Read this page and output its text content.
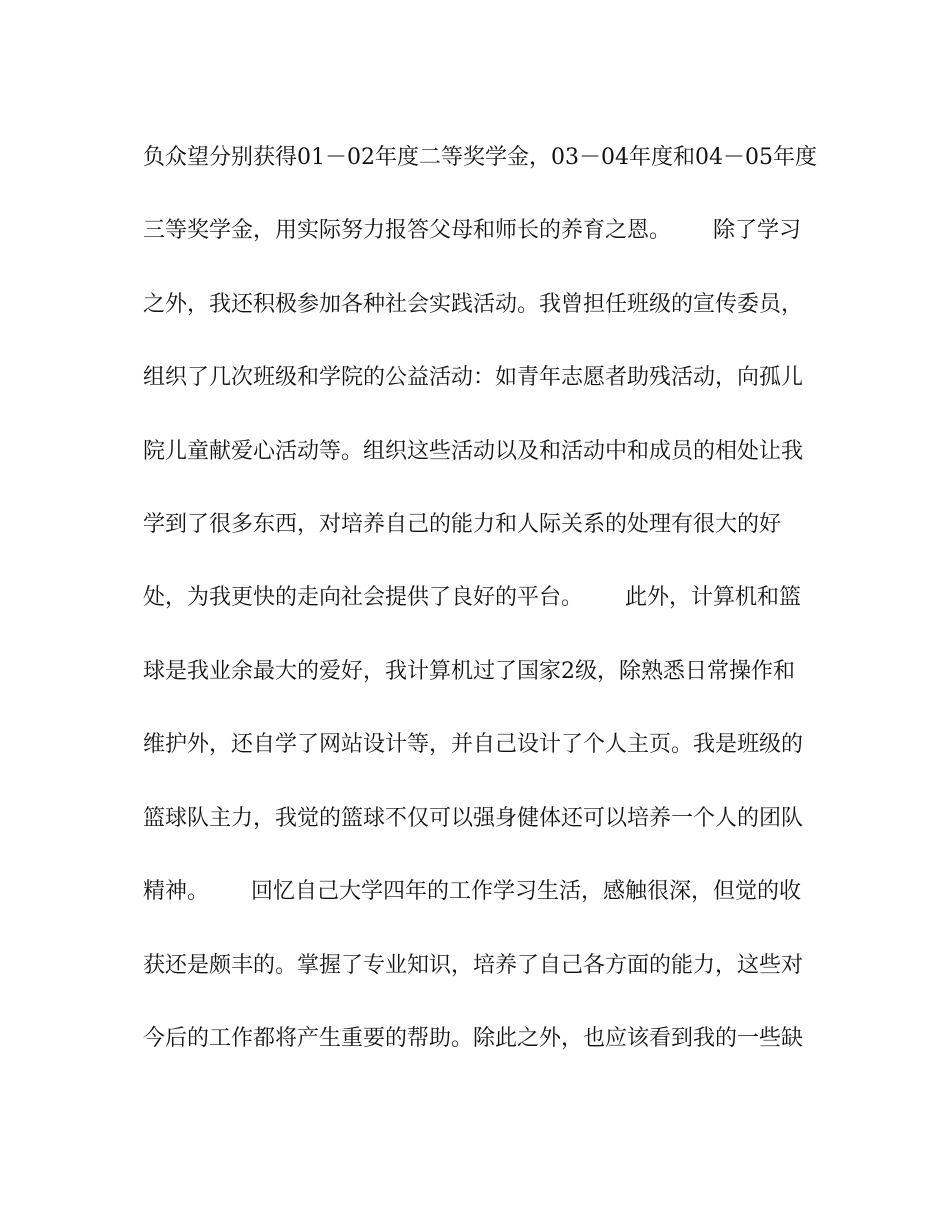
负众望分别获得01－02年度二等奖学金，03－04年度和04－05年度
三等奖学金，用实际努力报答父母和师长的养育之恩。      除了学习
之外，我还积极参加各种社会实践活动。我曾担任班级的宣传委员，
组织了几次班级和学院的公益活动：如青年志愿者助残活动，向孤儿
院儿童献爱心活动等。组织这些活动以及和活动中和成员的相处让我
学到了很多东西，对培养自己的能力和人际关系的处理有很大的好
处，为我更快的走向社会提供了良好的平台。      此外，计算机和篮
球是我业余最大的爱好，我计算机过了国家2级，除熟悉日常操作和
维护外，还自学了网站设计等，并自己设计了个人主页。我是班级的
篮球队主力，我觉的篮球不仅可以强身健体还可以培养一个人的团队
精神。      回忆自己大学四年的工作学习生活，感触很深，但觉的收
获还是颇丰的。掌握了专业知识，培养了自己各方面的能力，这些对
今后的工作都将产生重要的帮助。除此之外，也应该看到我的一些缺
